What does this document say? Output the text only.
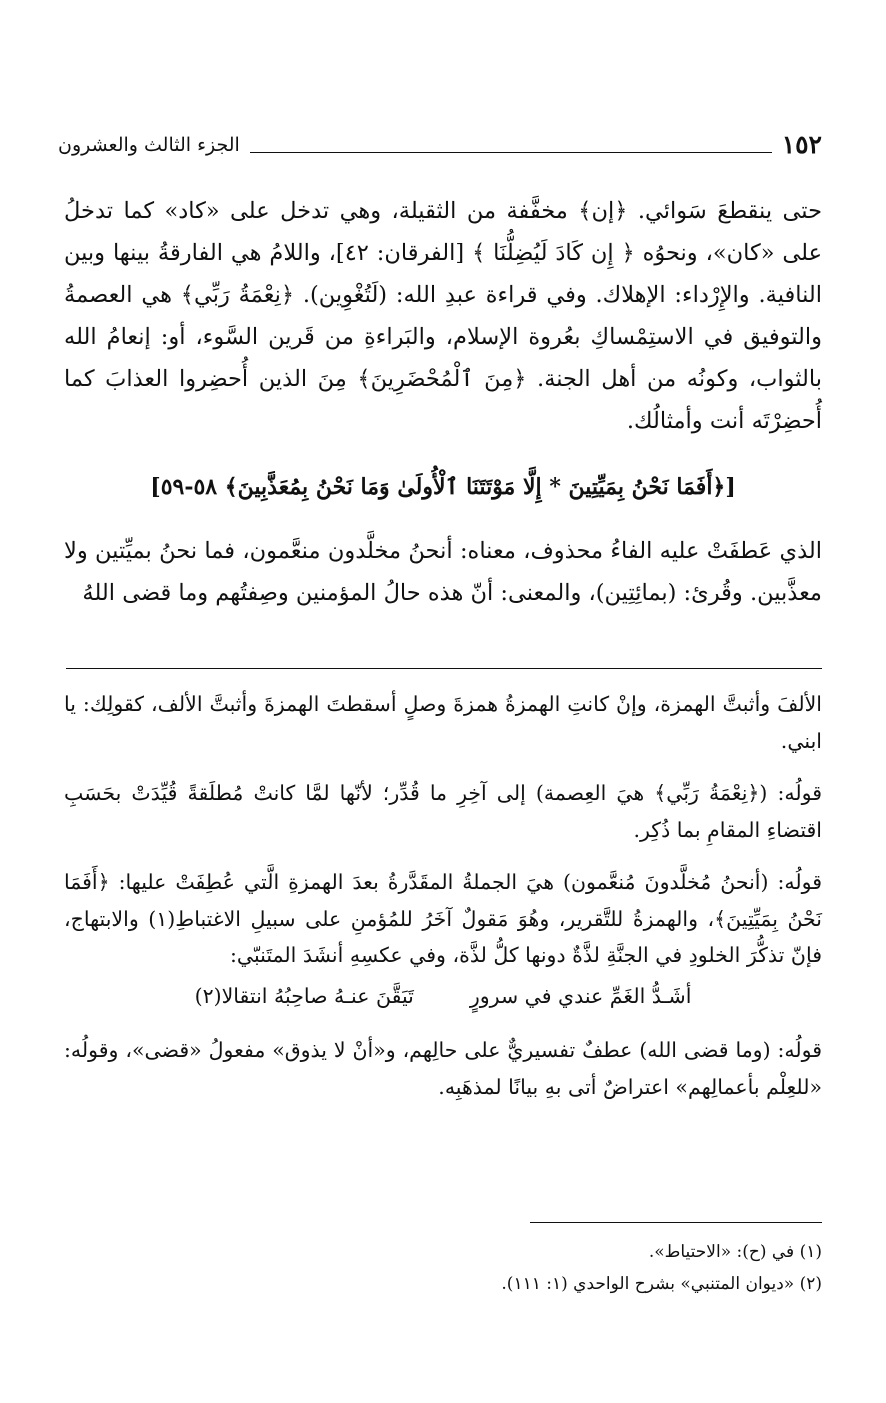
١٥٢
الجزء الثالث والعشرون

حتى ينقطعَ سَوائي. ﴿إن﴾ مخفَّفة من الثقيلة، وهي تدخل على «كاد» كما تدخلُ على «كان»، ونحوُه ﴿ إِن كَادَ لَيُضِلُّنَا ﴾ [الفرقان: ٤٢]، واللامُ هي الفارقةُ بينها وبين النافية. والإِرْداء: الإهلاك. وفي قراءة عبدِ الله: (لَتُغْوِين). ﴿نِعْمَةُ رَبِّي﴾ هي العصمةُ والتوفيق في الاستِمْساكِ بعُروة الإسلام، والبَراءةِ من قَرين السَّوء، أو: إنعامُ الله بالثواب، وكونُه من أهل الجنة. ﴿مِنَ ٱلْمُحْضَرِينَ﴾ مِنَ الذين أُحضِروا العذابَ كما أُحضِرْتَه أنت وأمثالُك.

[﴿أَفَمَا نَحْنُ بِمَيِّتِينَ * إِلَّا مَوْتَتَنَا ٱلْأُولَىٰ وَمَا نَحْنُ بِمُعَذَّبِينَ﴾ ٥٨-٥٩]

الذي عَطفَتْ عليه الفاءُ محذوف، معناه: أنحنُ مخلَّدون منعَّمون، فما نحنُ بميِّتين ولا معذَّبين. وقُرئ: (بمائِتِين)، والمعنى: أنّ هذه حالُ المؤمنين وصِفتُهم وما قضى اللهُ

الألفَ وأثبتَّ الهمزة، وإنْ كانتِ الهمزةُ همزةَ وصلٍ أسقطتَ الهمزةَ وأثبتَّ الألف، كقولِك: يا ابني.

قولُه: (﴿نِعْمَةُ رَبِّي﴾ هيَ العِصمة) إلى آخِرِ ما قُدِّر؛ لأنّها لمَّا كانتْ مُطلَقةً قُيِّدَتْ بحَسَبِ اقتضاءِ المقامِ بما ذُكِر.

قولُه: (أنحنُ مُخلَّدونَ مُنعَّمون) هيَ الجملةُ المقَدَّرةُ بعدَ الهمزةِ الَّتي عُطِفَتْ عليها: ﴿أَفَمَا نَحْنُ بِمَيِّتِينَ﴾، والهمزةُ للتَّقرير، وهُوَ مَقولٌ آخَرُ للمُؤمنِ على سبيلِ الاغتباطِ(١) والابتهاج، فإنّ تذكُّرَ الخلودِ في الجنَّةِ لذَّةٌ دونها كلُّ لذَّة، وفي عكسِهِ أنشَدَ المتَنبّي:

أشَـدُّ الغَمِّ عندي في سرورٍ
تَيَقَّنَ عنـهُ صاحِبُهُ انتقالا(٢)

قولُه: (وما قضى الله) عطفٌ تفسيريٌّ على حالِهم، و«أنْ لا يذوق» مفعولُ «قضى»، وقولُه: «للعِلْم بأعمالِهم» اعتراضٌ أتى بهِ بيانًا لمذهَبِه.

(١) في (ح): «الاحتياط».

(٢) «ديوان المتنبي» بشرح الواحدي (١: ١١١).
